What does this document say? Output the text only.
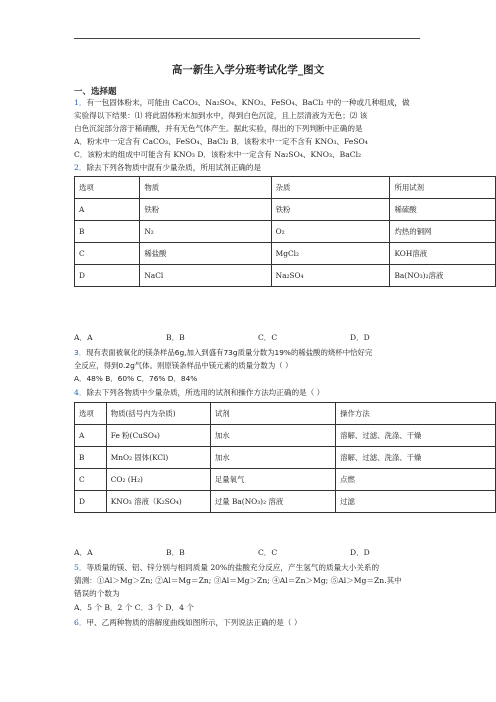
高一新生入学分班考试化学_图文
一、选择题
1．有一包固体粉末，可能由 CaCO₃、Na₂SO₄、KNO₃、FeSO₄、BaCl₂ 中的一种或几种组成，做
实验得以下结果：⑴ 将此固体粉末加到水中，得到白色沉淀，且上层清液为无色；⑵ 该
白色沉淀部分溶于稀硝酸，并有无色气体产生。据此实验，得出的下列判断中正确的是
A．粉末中一定含有 CaCO₃、FeSO₄、BaCl₂ B．该粉末中一定不含有 KNO₃、FeSO₄
C．该粉末的组成中可能含有 KNO₃ D．该粉末中一定含有 Na₂SO₄、KNO₃、BaCl₂
2．除去下列各物质中混有少量杂质，所用试剂正确的是
选项	物质	杂质	所用试剂
A	铁粉	铁粉	稀硫酸
B	N₂	O₂	灼热的铜网
C	稀盐酸	MgCl₂	KOH溶液
D	NaCl	Na₂SO₄	Ba(NO₃)₂溶液
A．A	B．B	C．C	D．D
3．现有表面被氧化的镁条样品6g,加入到盛有73g质量分数为19%的稀盐酸的烧杯中恰好完
全反应，得到0.2g气体。则原镁条样品中镁元素的质量分数为（ ）
A．48% B．60% C．76% D．84%
4．除去下列各物质中少量杂质，所选用的试剂和操作方法均正确的是（ ）
选项	物质(括号内为杂质)	试剂	操作方法
A	Fe 粉(CuSO₄)	加水	溶解、过滤、洗涤、干燥
B	MnO₂ 固体(KCl)	加水	溶解、过滤、洗涤、干燥
C	CO₂ (H₂)	足量氧气	点燃
D	KNO₃ 溶液（K₂SO₄)	过量 Ba(NO₃)₂ 溶液	过滤
A．A	B．B	C．C	D．D
5．等质量的镁、铝、锌分别与相同质量 20%的盐酸充分反应，产生氢气的质量大小关系的
猜测：①Al＞Mg＞Zn; ②Al＝Mg＝Zn; ③Al＝Mg＞Zn; ④Al＝Zn＞Mg; ⑤Al＞Mg＝Zn.其中
错误的个数为
A．5 个 B．2 个 C．3 个 D．4 个
6．甲、乙两种物质的溶解度曲线如图所示，下列说法正确的是（ ）
